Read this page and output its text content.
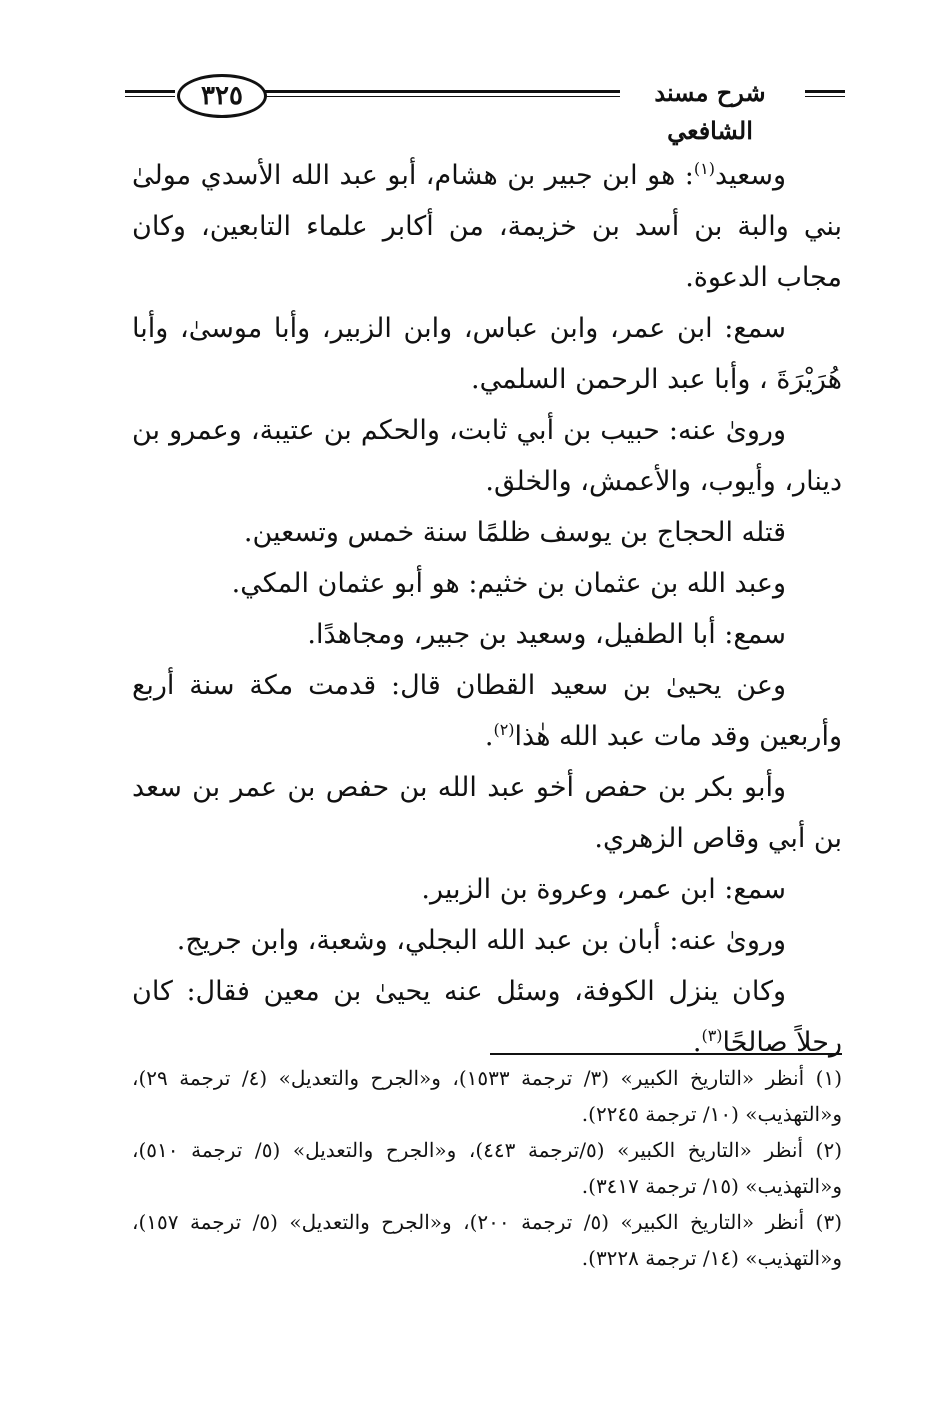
٣٢٥	شرح مسند الشافعي

وسعيد$^{(١)}$: هو ابن جبير بن هشام، أبو عبد الله الأسدي مولىٰ بني والبة بن أسد بن خزيمة، من أكابر علماء التابعين، وكان مجاب الدعوة.

سمع: ابن عمر، وابن عباس، وابن الزبير، وأبا موسىٰ، وأبا هُرَيْرَةَ ، وأبا عبد الرحمن السلمي.

وروىٰ عنه: حبيب بن أبي ثابت، والحكم بن عتيبة، وعمرو بن دينار، وأيوب، والأعمش، والخلق.

قتله الحجاج بن يوسف ظلمًا سنة خمس وتسعين.

وعبد الله بن عثمان بن خثيم: هو أبو عثمان المكي.

سمع: أبا الطفيل، وسعيد بن جبير، ومجاهدًا.

وعن يحيىٰ بن سعيد القطان قال: قدمت مكة سنة أربع وأربعين وقد مات عبد الله هٰذا$^{(٢)}$.

وأبو بكر بن حفص أخو عبد الله بن حفص بن عمر بن سعد بن أبي وقاص الزهري.

سمع: ابن عمر، وعروة بن الزبير.

وروىٰ عنه: أبان بن عبد الله البجلي، وشعبة، وابن جريج.

وكان ينزل الكوفة، وسئل عنه يحيىٰ بن معين فقال: كان رجلاً صالحًا$^{(٣)}$.

(١) أنظر «التاريخ الكبير» (٣/ ترجمة ١٥٣٣)، و«الجرح والتعديل» (٤/ ترجمة ٢٩)، و«التهذيب» (١٠/ ترجمة ٢٢٤٥).

(٢) أنظر «التاريخ الكبير» (٥/ترجمة ٤٤٣)، و«الجرح والتعديل» (٥/ ترجمة ٥١٠)، و«التهذيب» (١٥/ ترجمة ٣٤١٧).

(٣) أنظر «التاريخ الكبير» (٥/ ترجمة ٢٠٠)، و«الجرح والتعديل» (٥/ ترجمة ١٥٧)، و«التهذيب» (١٤/ ترجمة ٣٢٢٨).
